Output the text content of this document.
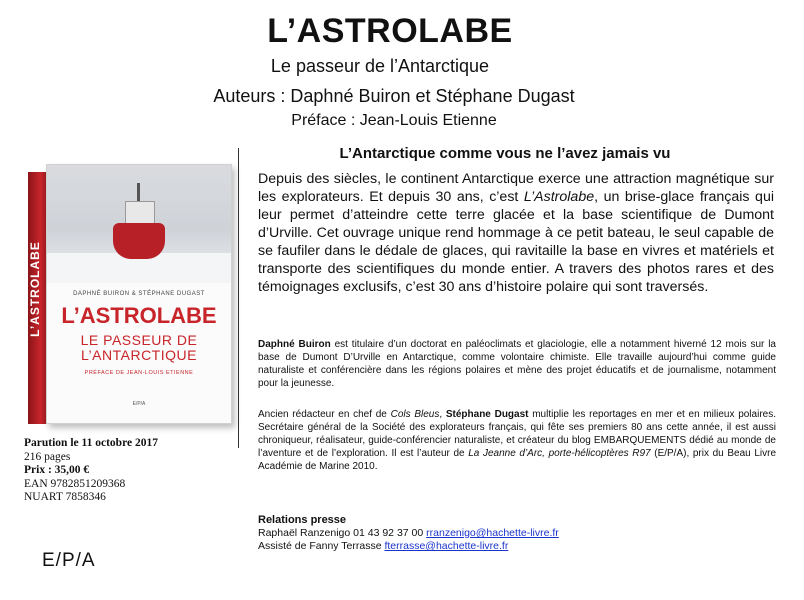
L’ASTROLABE
Le passeur de l’Antarctique
Auteurs : Daphné Buiron et Stéphane Dugast
Préface : Jean-Louis Etienne
L’Antarctique comme vous ne l’avez jamais vu
Depuis des siècles, le continent Antarctique exerce une attraction magnétique sur les explorateurs. Et depuis 30 ans, c’est L’Astrolabe, un brise-glace français qui leur permet d’atteindre cette terre glacée et la base scientifique de Dumont d’Urville. Cet ouvrage unique rend hommage à ce petit bateau, le seul capable de se faufiler dans le dédale de glaces, qui ravitaille la base en vivres et matériels et transporte des scientifiques du monde entier. A travers des photos rares et des témoignages exclusifs, c’est 30 ans d’histoire polaire qui sont traversés.
Daphné Buiron est titulaire d’un doctorat en paléoclimats et glaciologie, elle a notamment hiverné 12 mois sur la base de Dumont D’Urville en Antarctique, comme volontaire chimiste. Elle travaille aujourd’hui comme guide naturaliste et conférencière dans les régions polaires et mène des projet éducatifs et de journalisme, notamment pour la jeunesse.
Ancien rédacteur en chef de Cols Bleus, Stéphane Dugast multiplie les reportages en mer et en milieux polaires. Secrétaire général de la Société des explorateurs français, qui fête ses premiers 80 ans cette année, il est aussi chroniqueur, réalisateur, guide-conférencier naturaliste, et créateur du blog EMBARQUEMENTS dédié au monde de l’aventure et de l’exploration. Il est l’auteur de La Jeanne d’Arc, porte-hélicoptères R97 (E/P/A), prix du Beau Livre Académie de Marine 2010.
Relations presse
Raphaël Ranzenigo 01 43 92 37 00 rranzenigo@hachette-livre.fr
Assisté de Fanny Terrasse fterrasse@hachette-livre.fr
L’ASTROLABE	DAPHNÉ BUIRON & STÉPHANE DUGAST
L’ASTROLABE
LE PASSEUR DE
L’ANTARCTIQUE
PRÉFACE DE JEAN-LOUIS ETIENNE
E/P/A
Parution le 11 octobre 2017
216 pages
Prix : 35,00 €
EAN 9782851209368
NUART 7858346
E/P/A
